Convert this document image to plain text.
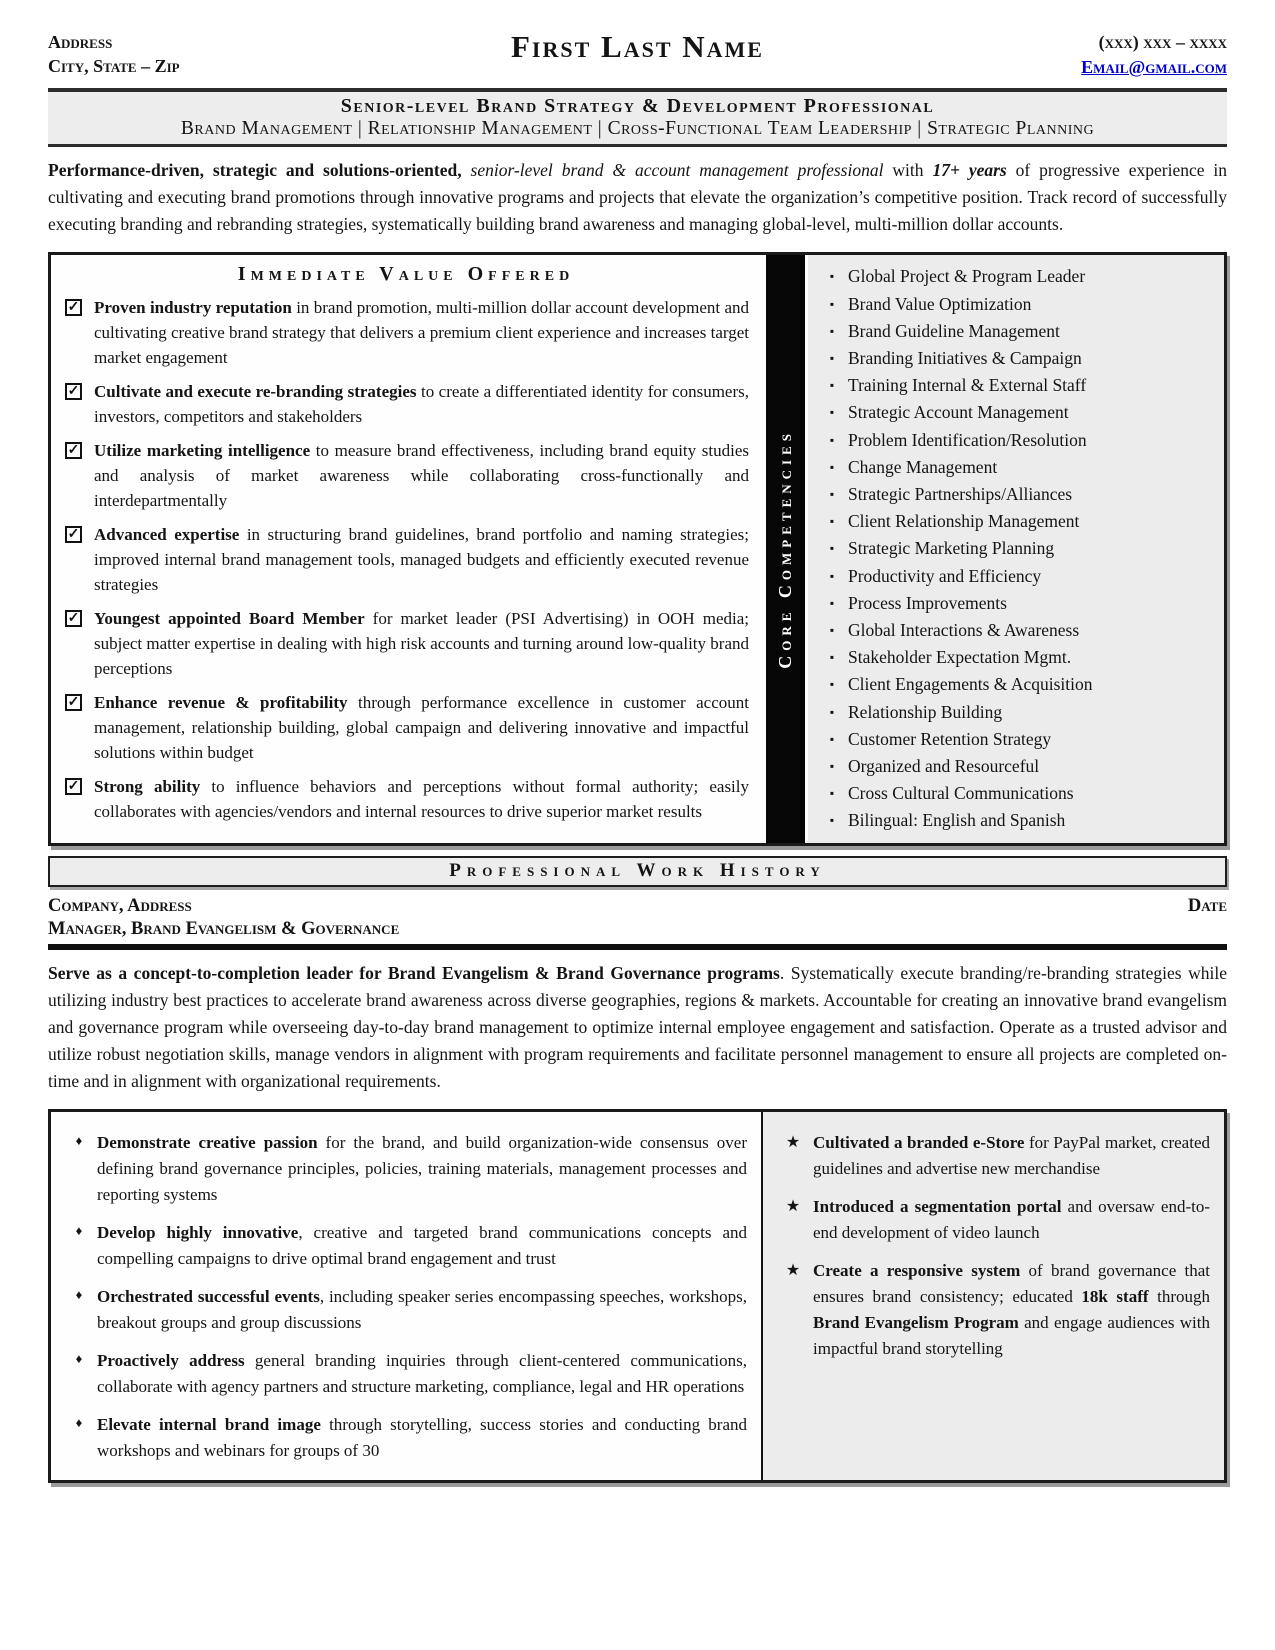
Address
City, State – Zip
First Last Name	(xxx) xxx – xxxx
Email@gmail.com
Senior-level Brand Strategy & Development Professional
Brand Management | Relationship Management | Cross-Functional Team Leadership | Strategic Planning

Performance-driven, strategic and solutions-oriented, senior-level brand & account management professional with 17+ years of progressive experience in cultivating and executing brand promotions through innovative programs and projects that elevate the organization’s competitive position. Track record of successfully executing branding and rebranding strategies, systematically building brand awareness and managing global-level, multi-million dollar accounts.

Immediate Value Offered
✓ Proven industry reputation in brand promotion, multi-million dollar account development and cultivating creative brand strategy that delivers a premium client experience and increases target market engagement
✓ Cultivate and execute re-branding strategies to create a differentiated identity for consumers, investors, competitors and stakeholders
✓ Utilize marketing intelligence to measure brand effectiveness, including brand equity studies and analysis of market awareness while collaborating cross-functionally and interdepartmentally
✓ Advanced expertise in structuring brand guidelines, brand portfolio and naming strategies; improved internal brand management tools, managed budgets and efficiently executed revenue strategies
✓ Youngest appointed Board Member for market leader (PSI Advertising) in OOH media; subject matter expertise in dealing with high risk accounts and turning around low-quality brand perceptions
✓ Enhance revenue & profitability through performance excellence in customer account management, relationship building, global campaign and delivering innovative and impactful solutions within budget
✓ Strong ability to influence behaviors and perceptions without formal authority; easily collaborates with agencies/vendors and internal resources to drive superior market results
Core Competencies
▪ Global Project & Program Leader
▪ Brand Value Optimization
▪ Brand Guideline Management
▪ Branding Initiatives & Campaign
▪ Training Internal & External Staff
▪ Strategic Account Management
▪ Problem Identification/Resolution
▪ Change Management
▪ Strategic Partnerships/Alliances
▪ Client Relationship Management
▪ Strategic Marketing Planning
▪ Productivity and Efficiency
▪ Process Improvements
▪ Global Interactions & Awareness
▪ Stakeholder Expectation Mgmt.
▪ Client Engagements & Acquisition
▪ Relationship Building
▪ Customer Retention Strategy
▪ Organized and Resourceful
▪ Cross Cultural Communications
▪ Bilingual: English and Spanish
Professional Work History
Company, Address	Date
Manager, Brand Evangelism & Governance

Serve as a concept-to-completion leader for Brand Evangelism & Brand Governance programs. Systematically execute branding/re-branding strategies while utilizing industry best practices to accelerate brand awareness across diverse geographies, regions & markets. Accountable for creating an innovative brand evangelism and governance program while overseeing day-to-day brand management to optimize internal employee engagement and satisfaction. Operate as a trusted advisor and utilize robust negotiation skills, manage vendors in alignment with program requirements and facilitate personnel management to ensure all projects are completed on-time and in alignment with organizational requirements.

♦ Demonstrate creative passion for the brand, and build organization-wide consensus over defining brand governance principles, policies, training materials, management processes and reporting systems
♦ Develop highly innovative, creative and targeted brand communications concepts and compelling campaigns to drive optimal brand engagement and trust
♦ Orchestrated successful events, including speaker series encompassing speeches, workshops, breakout groups and group discussions
♦ Proactively address general branding inquiries through client-centered communications, collaborate with agency partners and structure marketing, compliance, legal and HR operations
♦ Elevate internal brand image through storytelling, success stories and conducting brand workshops and webinars for groups of 30
★ Cultivated a branded e-Store for PayPal market, created guidelines and advertise new merchandise
★ Introduced a segmentation portal and oversaw end-to-end development of video launch
★ Create a responsive system of brand governance that ensures brand consistency; educated 18k staff through Brand Evangelism Program and engage audiences with impactful brand storytelling
